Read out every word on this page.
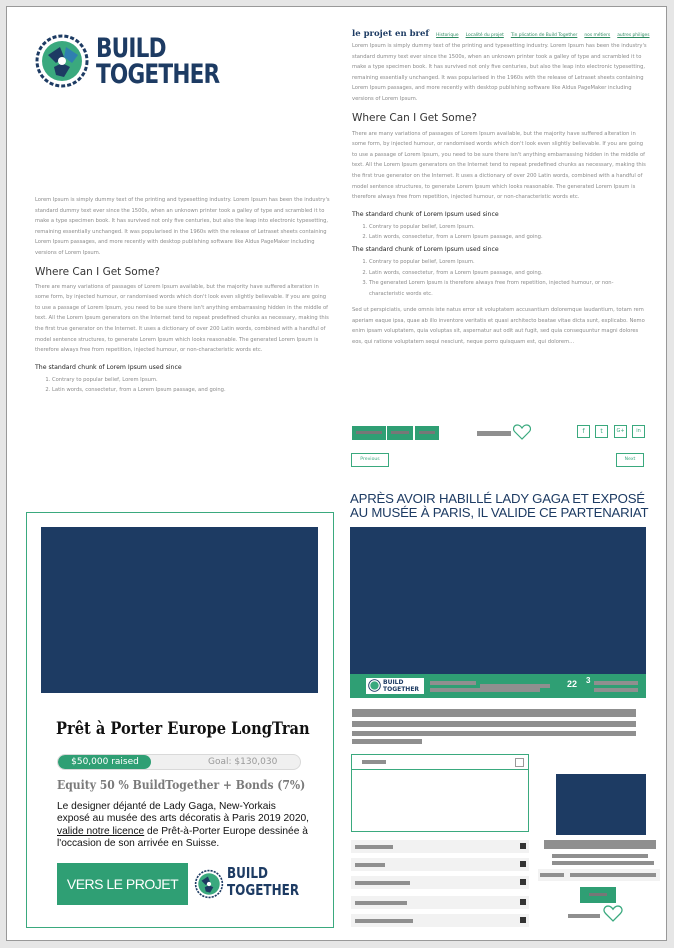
BUILD
TOGETHER

Lorem Ipsum is simply dummy text of the printing and typesetting industry. Lorem Ipsum has been the industry's standard dummy text ever since the 1500s, when an unknown printer took a galley of type and scrambled it to make a type specimen book. It has survived not only five centuries, but also the leap into electronic typesetting, remaining essentially unchanged. It was popularised in the 1960s with the release of Letraset sheets containing Lorem Ipsum passages, and more recently with desktop publishing software like Aldus PageMaker including versions of Lorem Ipsum.

Where Can I Get Some?

There are many variations of passages of Lorem Ipsum available, but the majority have suffered alteration in some form, by injected humour, or randomised words which don't look even slightly believable. If you are going to use a passage of Lorem Ipsum, you need to be sure there isn't anything embarrassing hidden in the middle of text. All the Lorem Ipsum generators on the Internet tend to repeat predefined chunks as necessary, making this the first true generator on the Internet. It uses a dictionary of over 200 Latin words, combined with a handful of model sentence structures, to generate Lorem Ipsum which looks reasonable. The generated Lorem Ipsum is therefore always free from repetition, injected humour, or non-characteristic words etc.

The standard chunk of Lorem Ipsum used since
1. Contrary to popular belief, Lorem Ipsum.
2. Latin words, consectetur, from a Lorem Ipsum passage, and going.
le projet en bref Historique Localité du projet Tin plication de Build Together nos métiers autres philiges

Lorem Ipsum is simply dummy text of the printing and typesetting industry. Lorem Ipsum has been the industry's standard dummy text ever since the 1500s, when an unknown printer took a galley of type and scrambled it to make a type specimen book. It has survived not only five centuries, but also the leap into electronic typesetting, remaining essentially unchanged. It was popularised in the 1960s with the release of Letraset sheets containing Lorem Ipsum passages, and more recently with desktop publishing software like Aldus PageMaker including versions of Lorem Ipsum.

Where Can I Get Some?

There are many variations of passages of Lorem Ipsum available, but the majority have suffered alteration in some form, by injected humour, or randomised words which don't look even slightly believable. If you are going to use a passage of Lorem Ipsum, you need to be sure there isn't anything embarrassing hidden in the middle of text. All the Lorem Ipsum generators on the Internet tend to repeat predefined chunks as necessary, making this the first true generator on the Internet. It uses a dictionary of over 200 Latin words, combined with a handful of model sentence structures, to generate Lorem Ipsum which looks reasonable. The generated Lorem Ipsum is therefore always free from repetition, injected humour, or non-characteristic words etc.

The standard chunk of Lorem Ipsum used since
1. Contrary to popular belief, Lorem Ipsum.
2. Latin words, consectetur, from a Lorem Ipsum passage, and going.
The standard chunk of Lorem Ipsum used since
1. Contrary to popular belief, Lorem Ipsum.
2. Latin words, consectetur, from a Lorem Ipsum passage, and going.
3. The generated Lorem Ipsum is therefore always free from repetition, injected humour, or non-characteristic words etc.

Sed ut perspiciatis, unde omnis iste natus error sit voluptatem accusantium doloremque laudantium, totam rem aperiam eaque ipsa, quae ab illo inventore veritatis et quasi architecto beatae vitae dicta sunt, explicabo. Nemo enim ipsam voluptatem, quia voluptas sit, aspernatur aut odit aut fugit, sed quia consequuntur magni dolores eos, qui ratione voluptatem sequi nesciunt, neque porro quisquam est, qui dolorem...

f	t	G+	in
Previous	Next
Prêt à Porter Europe LongTran
$50,000 raised	Goal: $130,030
Equity 50 % BuildTogether + Bonds (7%)
Le designer déjanté de Lady Gaga, New-Yorkais exposé au musée des arts décoratis à Paris 2019 2020, valide notre licence de Prêt-à-Porter Europe dessinée à l'occasion de son arrivée en Suisse.
VERS LE PROJET
BUILD
TOGETHER
APRÈS AVOIR HABILLÉ LADY GAGA ET EXPOSÉ AU MUSÉE À PARIS, IL VALIDE CE PARTENARIAT
BUILD
TOGETHER
22 3
